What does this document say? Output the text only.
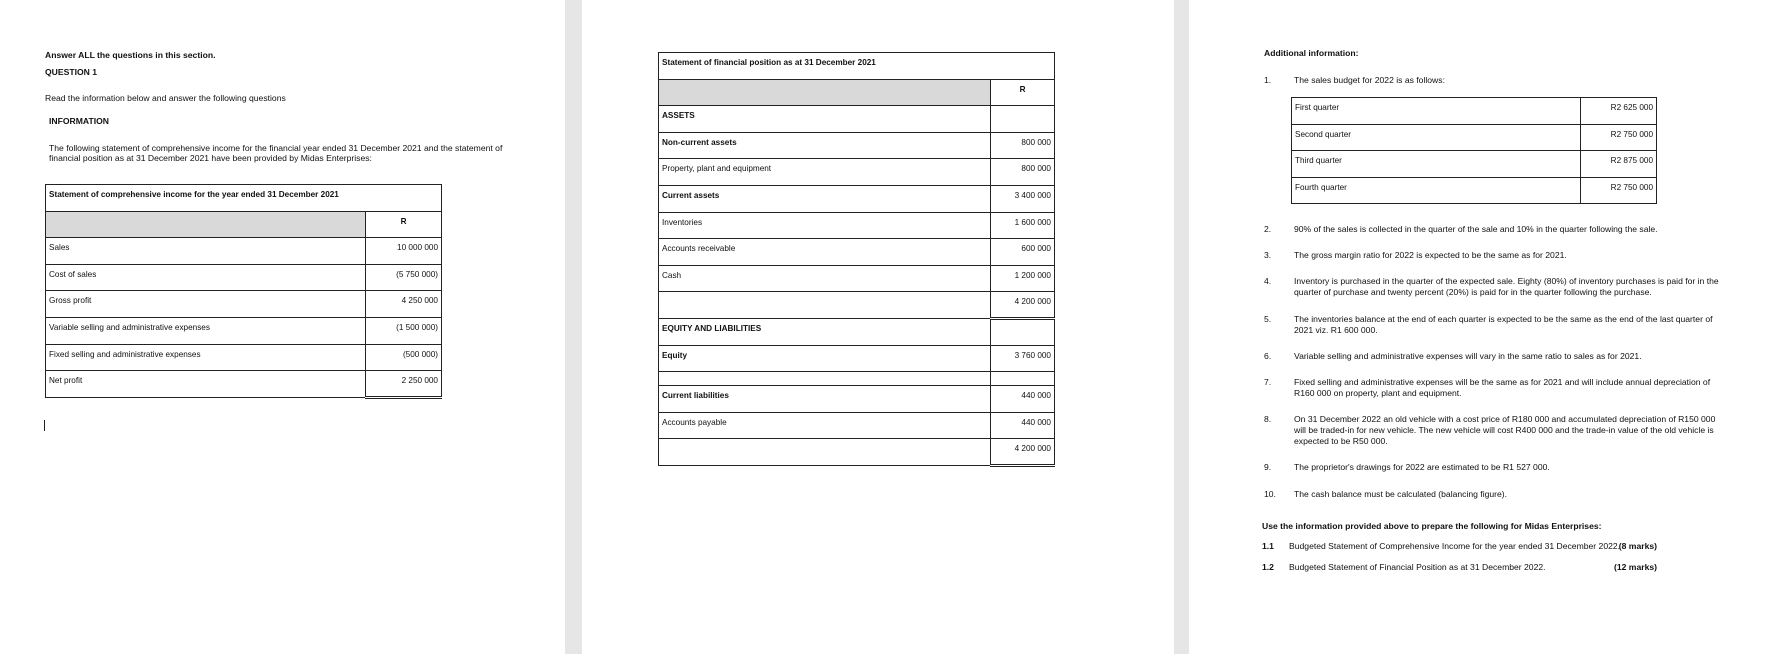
Answer ALL the questions in this section.
QUESTION 1
Read the information below and answer the following questions
INFORMATION
The following statement of comprehensive income for the financial year ended 31 December 2021 and the statement of
financial position as at 31 December 2021 have been provided by Midas Enterprises:
Statement of comprehensive income for the year ended 31 December 2021	
	R
Sales	10 000 000
Cost of sales	(5 750 000)
Gross profit	4 250 000
Variable selling and administrative expenses	(1 500 000)
Fixed selling and administrative expenses	(500 000)
Net profit	2 250 000
Statement of financial position as at 31 December 2021	
	R
ASSETS	
Non-current assets	800 000
Property, plant and equipment	800 000
Current assets	3 400 000
Inventories	1 600 000
Accounts receivable	600 000
Cash	1 200 000
	4 200 000
EQUITY AND LIABILITIES	
Equity	3 760 000

Current liabilities	440 000
Accounts payable	440 000
	4 200 000
Additional information:
1.	The sales budget for 2022 is as follows:
First quarter	R2 625 000
Second quarter	R2 750 000
Third quarter	R2 875 000
Fourth quarter	R2 750 000
2.	90% of the sales is collected in the quarter of the sale and 10% in the quarter following the sale.
3.	The gross margin ratio for 2022 is expected to be the same as for 2021.
4.	Inventory is purchased in the quarter of the expected sale. Eighty (80%) of inventory purchases is paid for in the
quarter of purchase and twenty percent (20%) is paid for in the quarter following the purchase.
5.	The inventories balance at the end of each quarter is expected to be the same as the end of the last quarter of
2021 viz. R1 600 000.
6.	Variable selling and administrative expenses will vary in the same ratio to sales as for 2021.
7.	Fixed selling and administrative expenses will be the same as for 2021 and will include annual depreciation of
R160 000 on property, plant and equipment.
8.	On 31 December 2022 an old vehicle with a cost price of R180 000 and accumulated depreciation of R150 000
will be traded-in for new vehicle. The new vehicle will cost R400 000 and the trade-in value of the old vehicle is
expected to be R50 000.
9.	The proprietor's drawings for 2022 are estimated to be R1 527 000.
10. The cash balance must be calculated (balancing figure).
Use the information provided above to prepare the following for Midas Enterprises:
1.1 Budgeted Statement of Comprehensive Income for the year ended 31 December 2022.
(8 marks)
1.2 Budgeted Statement of Financial Position as at 31 December 2022.	(12 marks)
